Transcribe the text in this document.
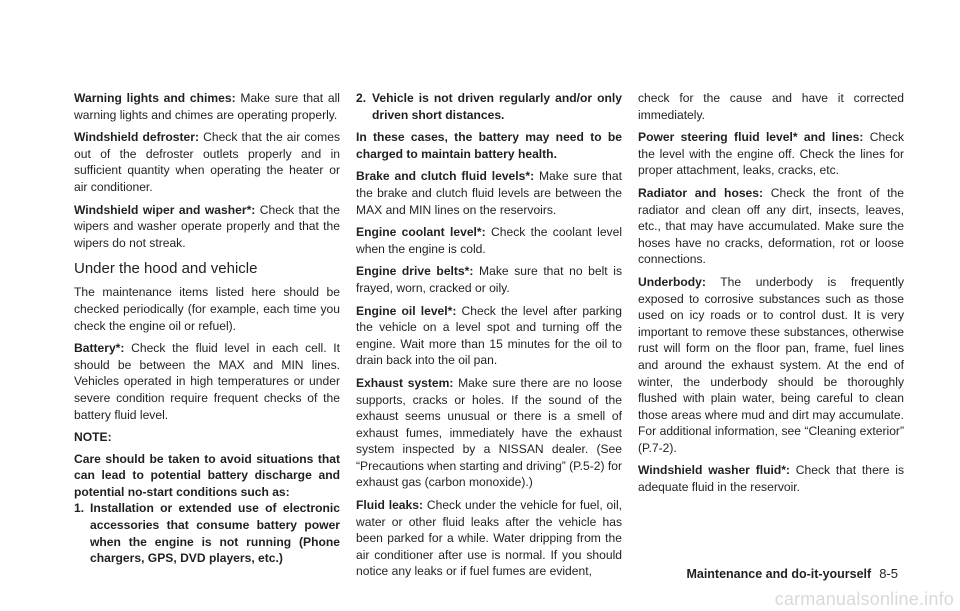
Warning lights and chimes: Make sure that all warning lights and chimes are operating properly.

Windshield defroster: Check that the air comes out of the defroster outlets properly and in sufficient quantity when operating the heater or air conditioner.

Windshield wiper and washer*: Check that the wipers and washer operate properly and that the wipers do not streak.

Under the hood and vehicle

The maintenance items listed here should be checked periodically (for example, each time you check the engine oil or refuel).

Battery*: Check the fluid level in each cell. It should be between the MAX and MIN lines. Vehicles operated in high temperatures or under severe condition require frequent checks of the battery fluid level.

NOTE:

Care should be taken to avoid situations that can lead to potential battery discharge and potential no-start conditions such as:

1. Installation or extended use of electronic accessories that consume battery power when the engine is not running (Phone chargers, GPS, DVD players, etc.)
2. Vehicle is not driven regularly and/or only driven short distances.

In these cases, the battery may need to be charged to maintain battery health.

Brake and clutch fluid levels*: Make sure that the brake and clutch fluid levels are between the MAX and MIN lines on the reservoirs.

Engine coolant level*: Check the coolant level when the engine is cold.

Engine drive belts*: Make sure that no belt is frayed, worn, cracked or oily.

Engine oil level*: Check the level after parking the vehicle on a level spot and turning off the engine. Wait more than 15 minutes for the oil to drain back into the oil pan.

Exhaust system: Make sure there are no loose supports, cracks or holes. If the sound of the exhaust seems unusual or there is a smell of exhaust fumes, immediately have the exhaust system inspected by a NISSAN dealer. (See “Precautions when starting and driving” (P.5-2) for exhaust gas (carbon monoxide).)

Fluid leaks: Check under the vehicle for fuel, oil, water or other fluid leaks after the vehicle has been parked for a while. Water dripping from the air conditioner after use is normal. If you should notice any leaks or if fuel fumes are evident,

check for the cause and have it corrected immediately.

Power steering fluid level* and lines: Check the level with the engine off. Check the lines for proper attachment, leaks, cracks, etc.

Radiator and hoses: Check the front of the radiator and clean off any dirt, insects, leaves, etc., that may have accumulated. Make sure the hoses have no cracks, deformation, rot or loose connections.

Underbody: The underbody is frequently exposed to corrosive substances such as those used on icy roads or to control dust. It is very important to remove these substances, otherwise rust will form on the floor pan, frame, fuel lines and around the exhaust system. At the end of winter, the underbody should be thoroughly flushed with plain water, being careful to clean those areas where mud and dirt may accumulate. For additional information, see “Cleaning exterior” (P.7-2).

Windshield washer fluid*: Check that there is adequate fluid in the reservoir.

Maintenance and do-it-yourself 8-5
carmanualsonline.info
